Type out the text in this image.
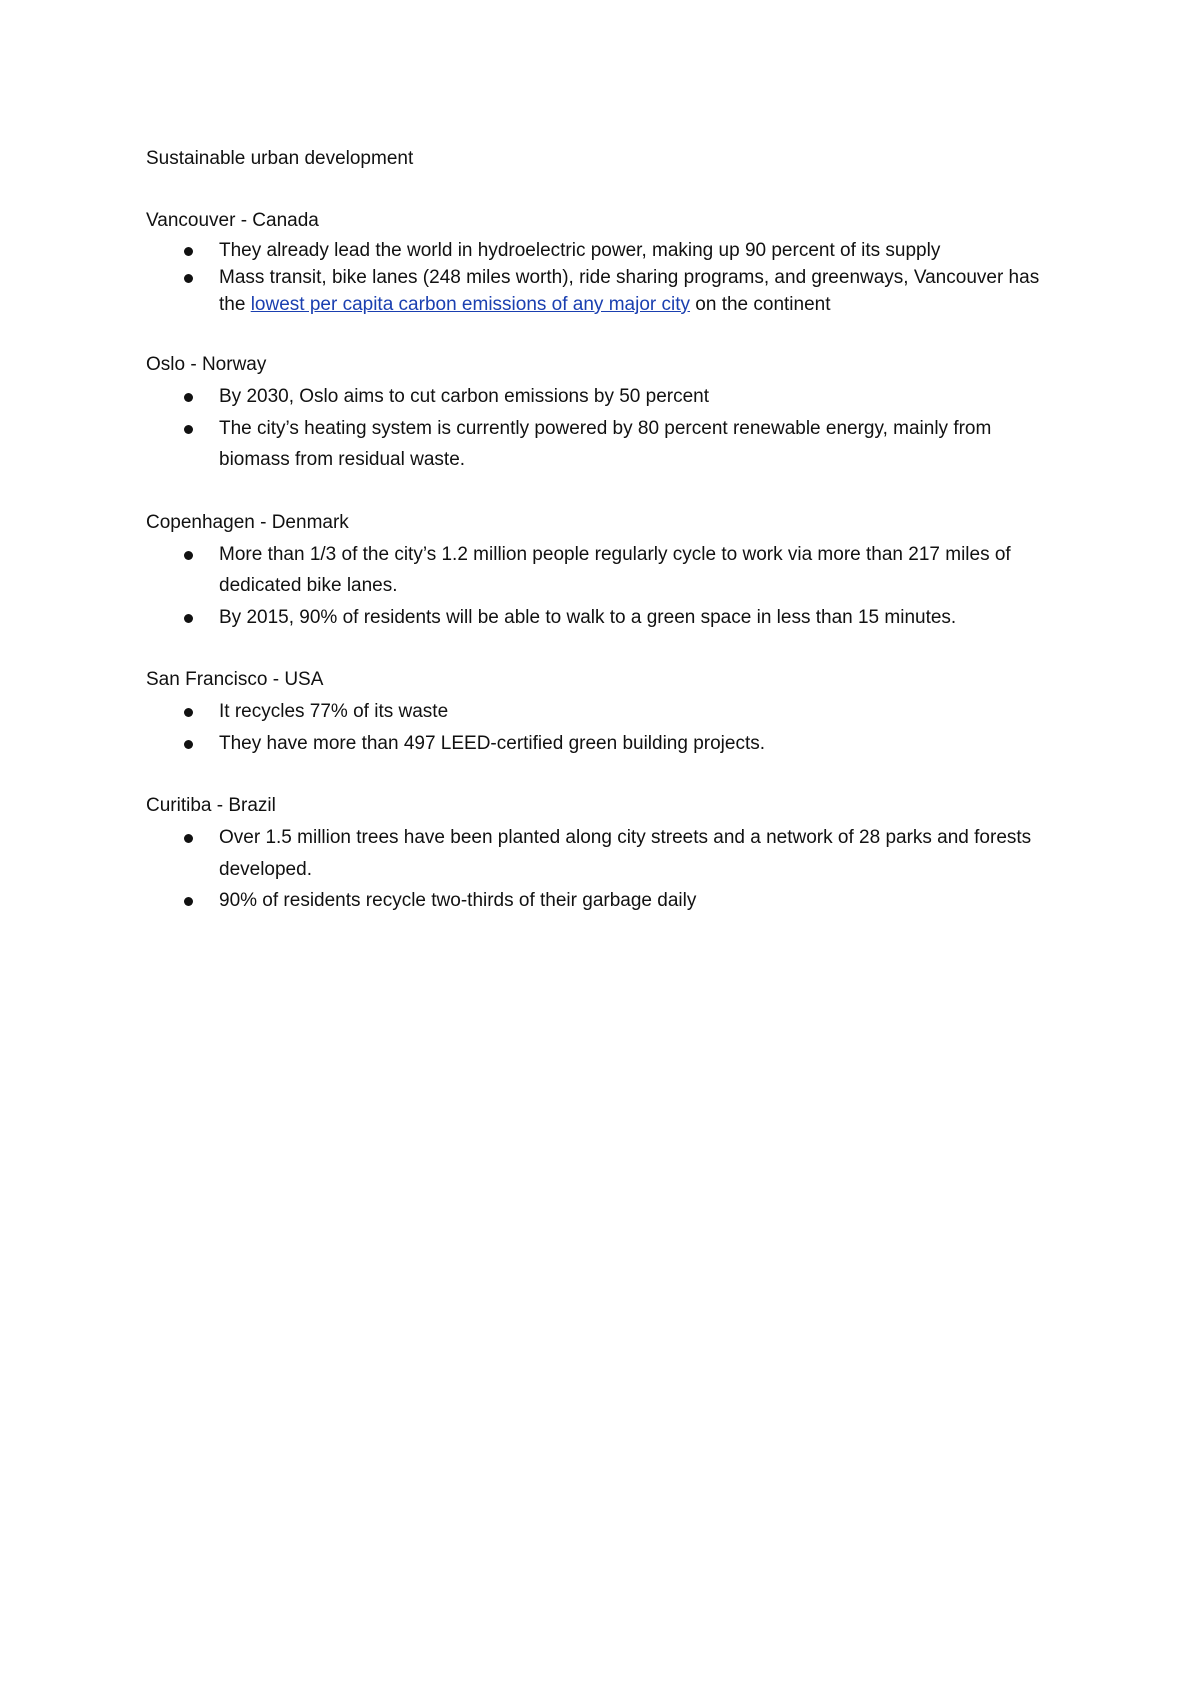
Sustainable urban development
Vancouver - Canada
They already lead the world in hydroelectric power, making up 90 percent of its supply
Mass transit, bike lanes (248 miles worth), ride sharing programs, and greenways, Vancouver has the lowest per capita carbon emissions of any major city on the continent
Oslo - Norway
By 2030, Oslo aims to cut carbon emissions by 50 percent
The city’s heating system is currently powered by 80 percent renewable energy, mainly from biomass from residual waste.
Copenhagen - Denmark
More than 1/3 of the city’s 1.2 million people regularly cycle to work via more than 217 miles of dedicated bike lanes.
By 2015, 90% of residents will be able to walk to a green space in less than 15 minutes.
San Francisco - USA
It recycles 77% of its waste
They have more than 497 LEED-certified green building projects.
Curitiba - Brazil
Over 1.5 million trees have been planted along city streets and a network of 28 parks and forests developed.
90% of residents recycle two-thirds of their garbage daily
